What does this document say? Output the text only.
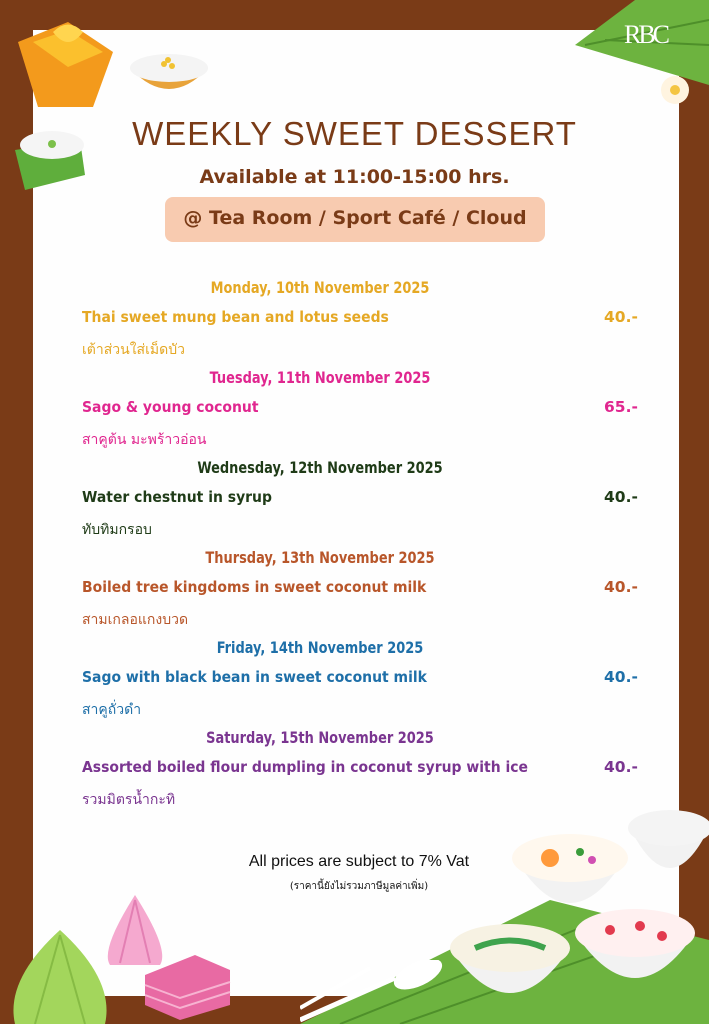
RBC
WEEKLY SWEET DESSERT
Available at 11:00-15:00 hrs.
@ Tea Room / Sport Café / Cloud
Monday, 10th November 2025
Thai sweet mung bean and lotus seeds	40.-
เต้าส่วนใส่เม็ดบัว
Tuesday, 11th November 2025
Sago & young coconut	65.-
สาคูต้น มะพร้าวอ่อน
Wednesday, 12th November 2025
Water chestnut in syrup	40.-
ทับทิมกรอบ
Thursday, 13th November 2025
Boiled tree kingdoms in sweet coconut milk	40.-
สามเกลอแกงบวด
Friday, 14th November 2025
Sago with black bean in sweet coconut milk	40.-
สาคูถั่วดำ
Saturday, 15th November 2025
Assorted boiled flour dumpling in coconut syrup with ice	40.-
รวมมิตรน้ำกะทิ
All prices are subject to 7% Vat
(ราคานี้ยังไม่รวมภาษีมูลค่าเพิ่ม)
